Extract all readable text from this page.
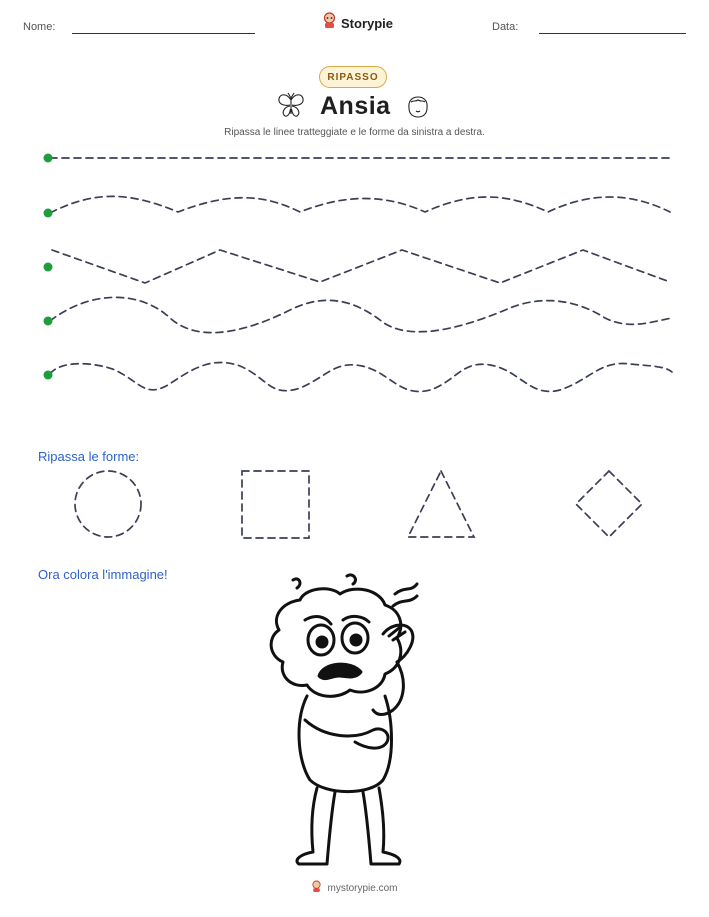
Nome:	Storypie	Data:
RIPASSO
Ansia
Ripassa le linee tratteggiate e le forme da sinistra a destra.
Ripassa le forme:
Ora colora l'immagine!
mystorypie.com
